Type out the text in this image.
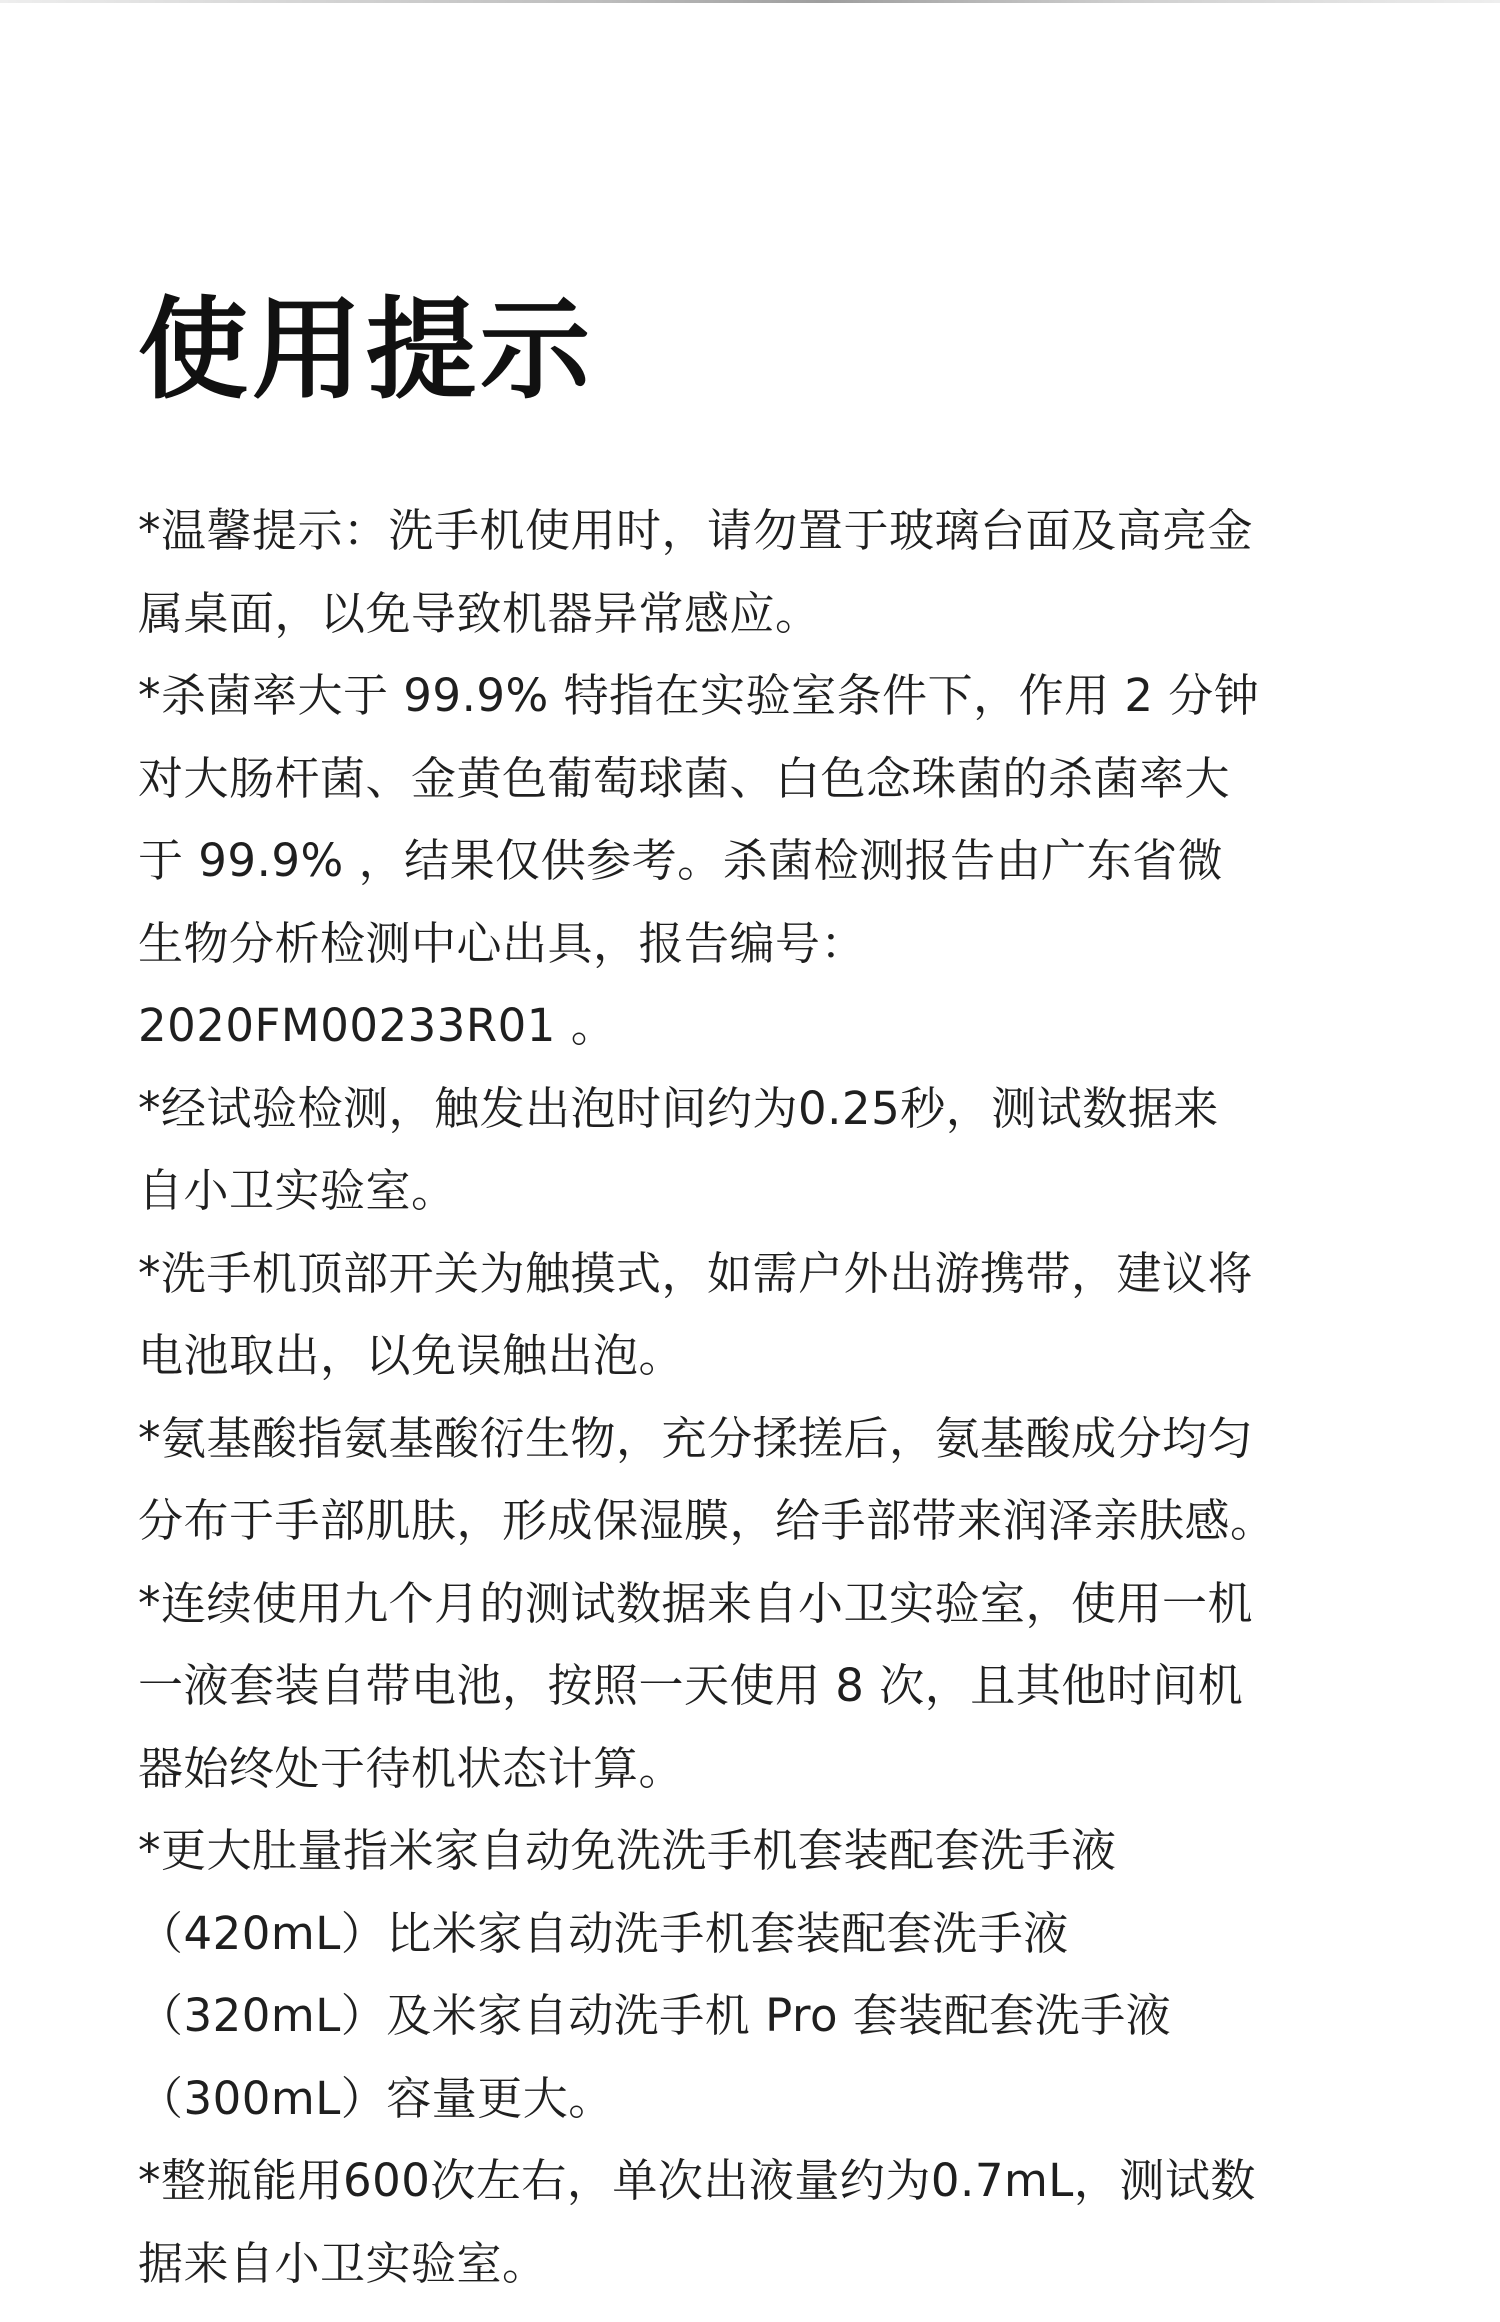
使用提示
*温馨提示：洗手机使用时，请勿置于玻璃台面及高亮金
属桌面，以免导致机器异常感应。
*杀菌率大于 99.9% 特指在实验室条件下，作用 2 分钟
对大肠杆菌、金黄色葡萄球菌、白色念珠菌的杀菌率大
于 99.9% ，结果仅供参考。杀菌检测报告由广东省微
生物分析检测中心出具，报告编号：
2020FM00233R01 。
*经试验检测，触发出泡时间约为0.25秒，测试数据来
自小卫实验室。
*洗手机顶部开关为触摸式，如需户外出游携带，建议将
电池取出，以免误触出泡。
*氨基酸指氨基酸衍生物，充分揉搓后，氨基酸成分均匀
分布于手部肌肤，形成保湿膜，给手部带来润泽亲肤感。
*连续使用九个月的测试数据来自小卫实验室，使用一机
一液套装自带电池，按照一天使用 8 次，且其他时间机
器始终处于待机状态计算。
*更大肚量指米家自动免洗洗手机套装配套洗手液
（420mL）比米家自动洗手机套装配套洗手液
（320mL）及米家自动洗手机 Pro 套装配套洗手液
（300mL）容量更大。
*整瓶能用600次左右，单次出液量约为0.7mL，测试数
据来自小卫实验室。
